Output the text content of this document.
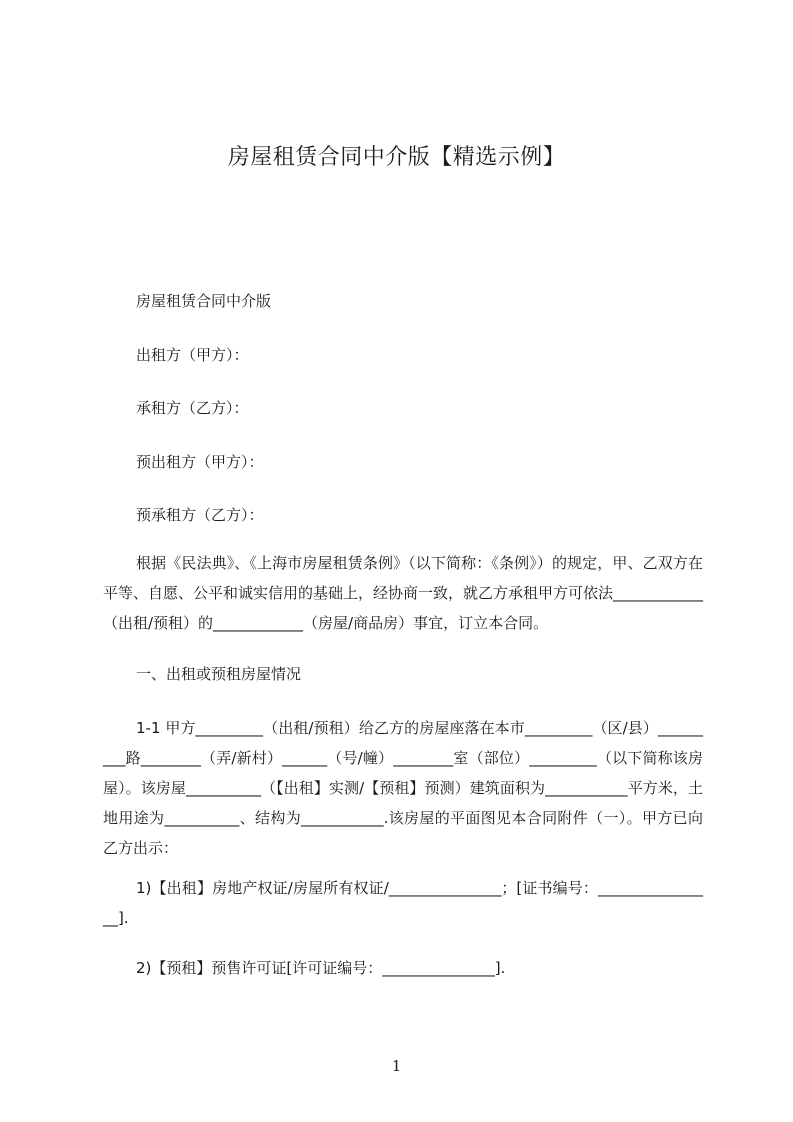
房屋租赁合同中介版【精选示例】
房屋租赁合同中介版
出租方（甲方）：
承租方（乙方）：
预出租方（甲方）：
预承租方（乙方）：
根据《民法典》、《上海市房屋租赁条例》（以下简称：《条例》）的规定，甲、乙双方在平等、自愿、公平和诚实信用的基础上，经协商一致，就乙方承租甲方可依法____________（出租/预租）的____________（房屋/商品房）事宜，订立本合同。
一、出租或预租房屋情况
1-1 甲方_________（出租/预租）给乙方的房屋座落在本市_________（区/县）_________路________（弄/新村）______（号/幢）________室（部位）_________（以下简称该房屋）。该房屋__________（【出租】实测/【预租】预测）建筑面积为___________平方米，土地用途为__________、结构为___________.该房屋的平面图见本合同附件（一）。甲方已向乙方出示：
1)【出租】房地产权证/房屋所有权证/_______________；[证书编号：________________].
2)【预租】预售许可证[许可证编号：_______________].
1
